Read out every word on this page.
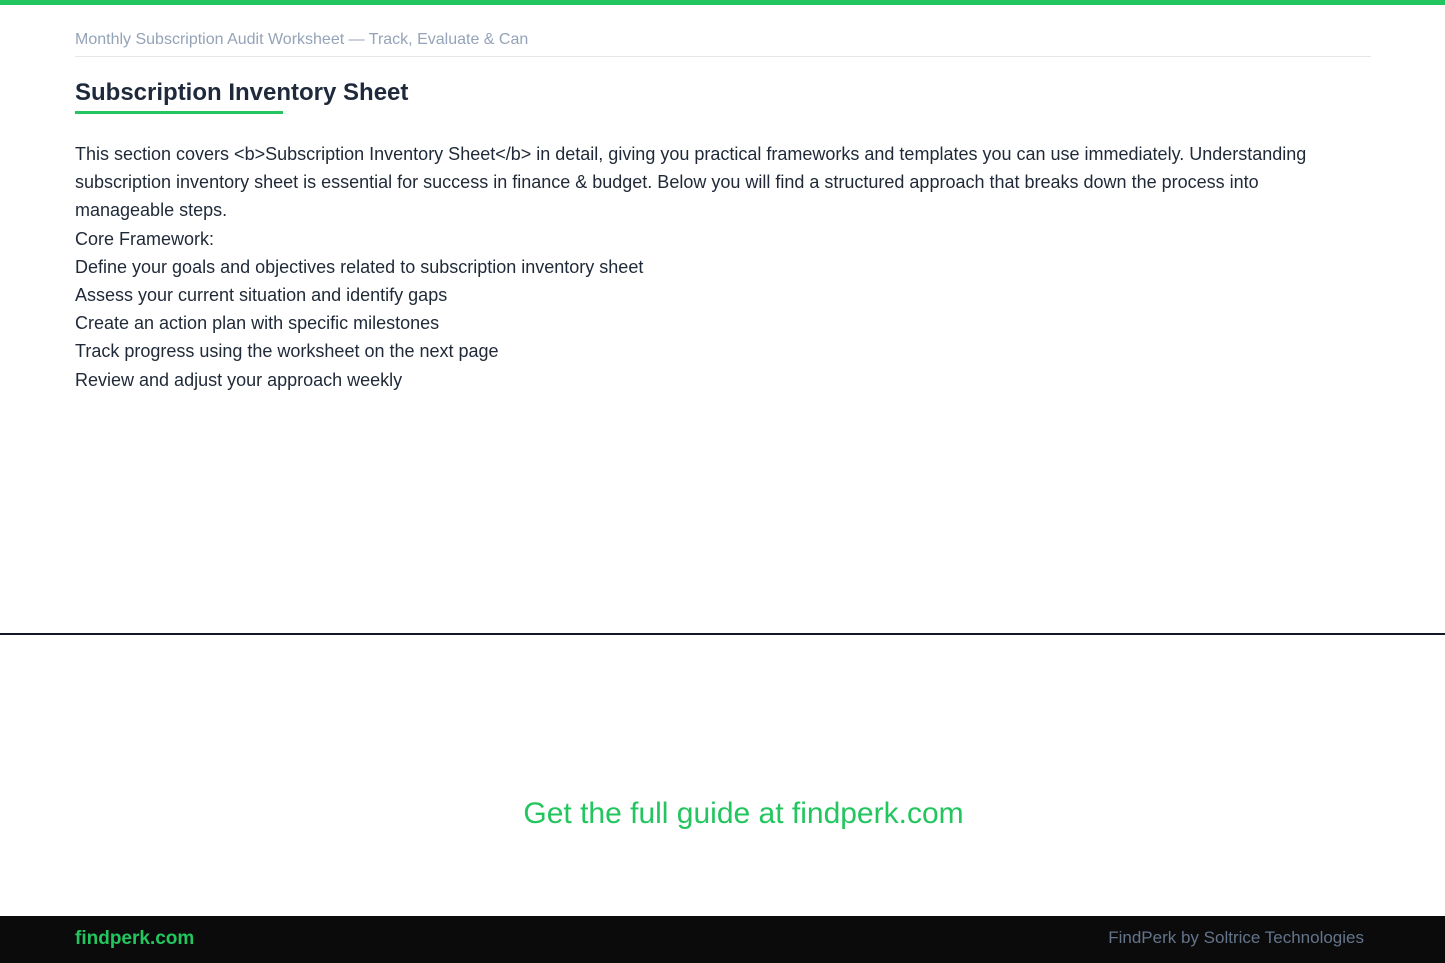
Monthly Subscription Audit Worksheet — Track, Evaluate & Can
Subscription Inventory Sheet

This section covers <b>Subscription Inventory Sheet</b> in detail, giving you practical frameworks and templates you can use immediately. Understanding subscription inventory sheet is essential for success in finance & budget. Below you will find a structured approach that breaks down the process into manageable steps.

Core Framework:

Define your goals and objectives related to subscription inventory sheet
Assess your current situation and identify gaps
Create an action plan with specific milestones
Track progress using the worksheet on the next page
Review and adjust your approach weekly
Get the full guide at findperk.com
findperk.com	FindPerk by Soltrice Technologies
